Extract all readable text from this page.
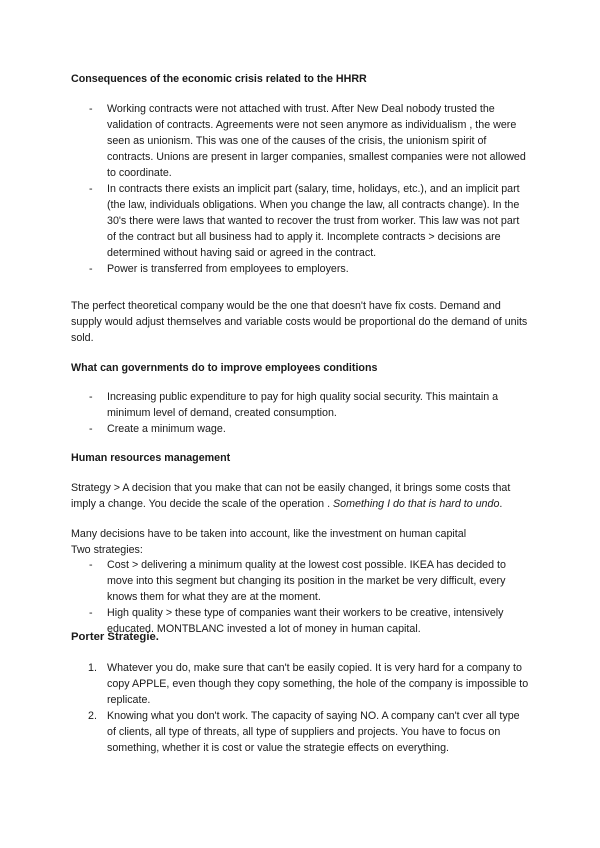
Consequences of the economic crisis related to the HHRR
- Working contracts were not attached with trust. After New Deal nobody trusted the validation of contracts. Agreements were not seen anymore as individualism , the were seen as unionism. This was one of the causes of the crisis, the unionism spirit of contracts. Unions are present in larger companies, smallest companies were not allowed to coordinate.
- In contracts there exists an implicit part (salary, time, holidays, etc.), and an implicit part (the law, individuals obligations. When you change the law, all contracts change). In the 30's there were laws that wanted to recover the trust from worker. This law was not part of the contract but all business had to apply it. Incomplete contracts > decisions are determined without having said or agreed in the contract.
- Power is transferred from employees to employers.
The perfect theoretical company would be the one that doesn't have fix costs. Demand and supply would adjust themselves and variable costs would be proportional do the demand of units sold.
What can governments do to improve employees conditions
- Increasing public expenditure to pay for high quality social security. This maintain a minimum level of demand, created consumption.
- Create a minimum wage.
Human resources management
Strategy > A decision that you make that can not be easily changed, it brings some costs that imply a change. You decide the scale of the operation . Something I do that is hard to undo.
Many decisions have to be taken into account, like the investment on human capital
Two strategies:
- Cost > delivering a minimum quality at the lowest cost possible. IKEA has decided to move into this segment but changing its position in the market be very difficult, every knows them for what they are at the moment.
- High quality > these type of companies want their workers to be creative, intensively educated. MONTBLANC invested a lot of money in human capital.
Porter Strategie.
1. Whatever you do, make sure that can't be easily copied. It is very hard for a company to copy APPLE, even though they copy something, the hole of the company is impossible to replicate.
2. Knowing what you don't work. The capacity of saying NO. A company can't cver all type of clients, all type of threats, all type of suppliers and projects. You have to focus on something, whether it is cost or value the strategie effects on everything.
